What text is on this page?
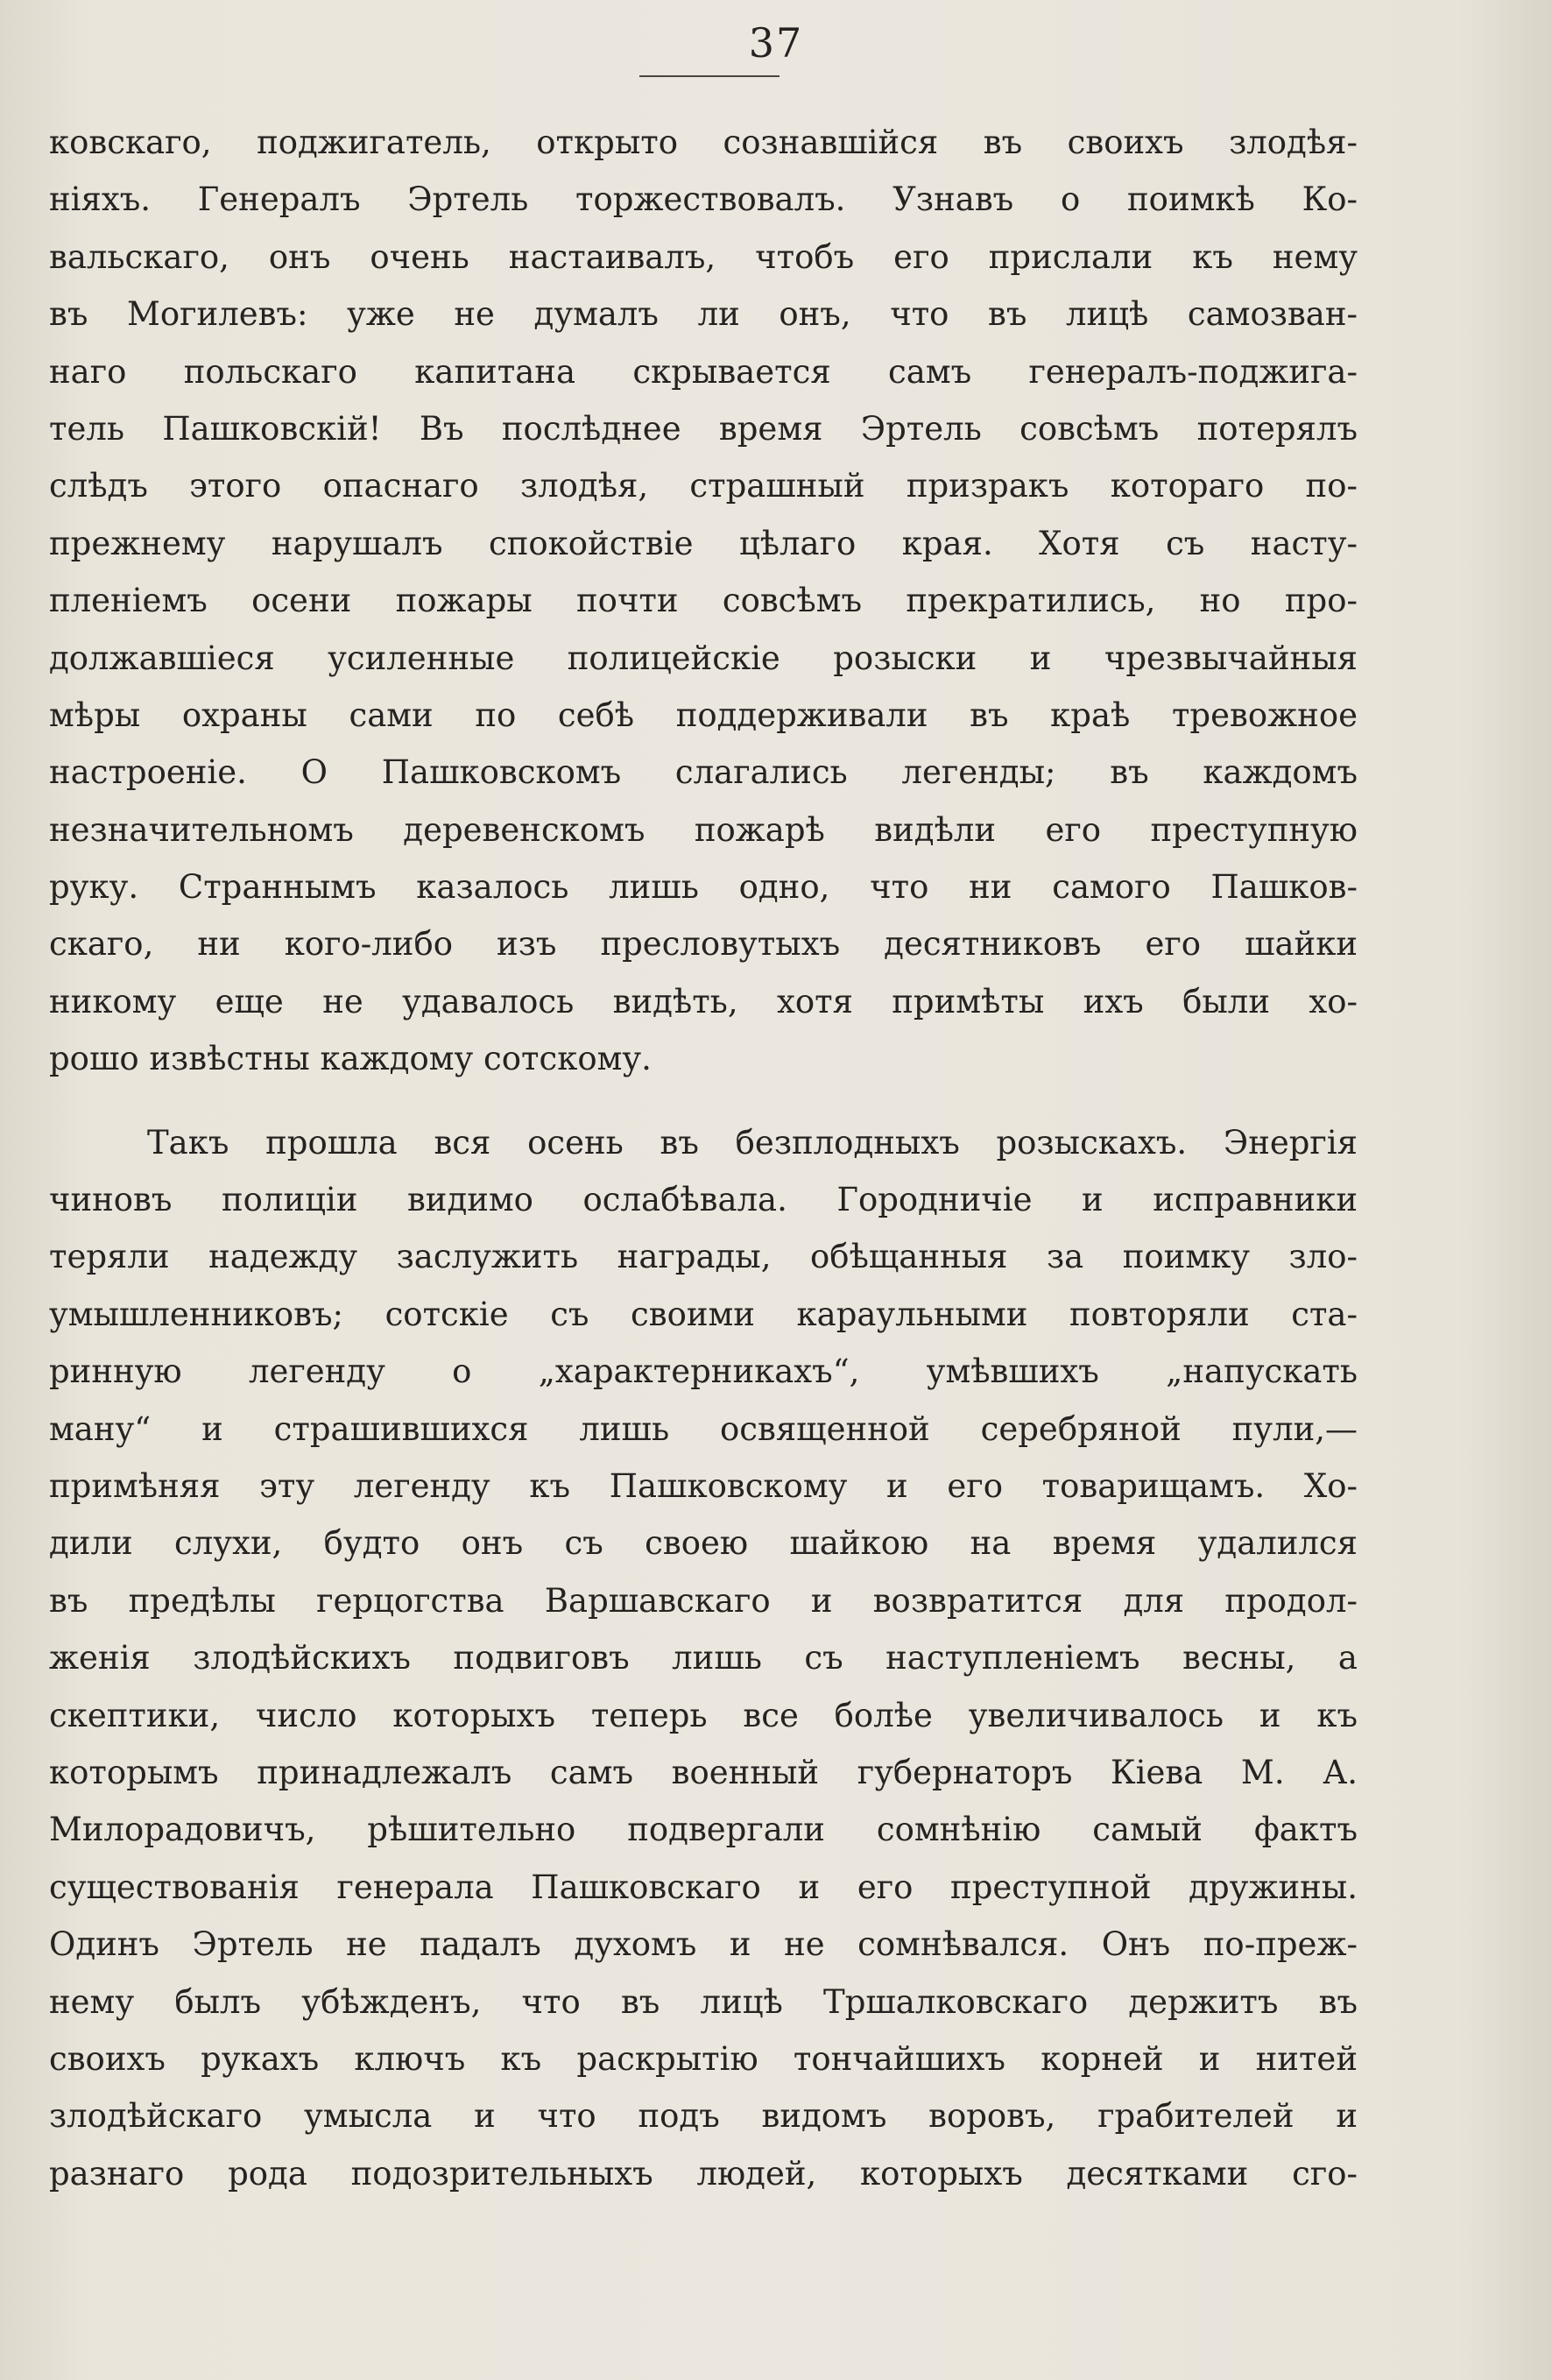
37
ковскаго, поджигатель, открыто сознавшійся въ своихъ злодѣя-
ніяхъ. Генералъ Эртель торжествовалъ. Узнавъ о поимкѣ Ко-
вальскаго, онъ очень настаивалъ, чтобъ его прислали къ нему
въ Могилевъ: уже не думалъ ли онъ, что въ лицѣ самозван-
наго польскаго капитана скрывается самъ генералъ-поджига-
тель Пашковскій! Въ послѣднее время Эртель совсѣмъ потерялъ
слѣдъ этого опаснаго злодѣя, страшный призракъ котораго по-
прежнему нарушалъ спокойствіе цѣлаго края. Хотя съ насту-
пленіемъ осени пожары почти совсѣмъ прекратились, но про-
должавшіеся усиленные полицейскіе розыски и чрезвычайныя
мѣры охраны сами по себѣ поддерживали въ краѣ тревожное
настроеніе. О Пашковскомъ слагались легенды; въ каждомъ
незначительномъ деревенскомъ пожарѣ видѣли его преступную
руку. Страннымъ казалось лишь одно, что ни самого Пашков-
скаго, ни кого-либо изъ пресловутыхъ десятниковъ его шайки
никому еще не удавалось видѣть, хотя примѣты ихъ были хо-
рошо извѣстны каждому сотскому.
Такъ прошла вся осень въ безплодныхъ розыскахъ. Энергія
чиновъ полиціи видимо ослабѣвала. Городничіе и исправники
теряли надежду заслужить награды, обѣщанныя за поимку зло-
умышленниковъ; сотскіе съ своими караульными повторяли ста-
ринную легенду о „характерникахъ“, умѣвшихъ „напускать
ману“ и страшившихся лишь освященной серебряной пули,—
примѣняя эту легенду къ Пашковскому и его товарищамъ. Хо-
дили слухи, будто онъ съ своею шайкою на время удалился
въ предѣлы герцогства Варшавскаго и возвратится для продол-
женія злодѣйскихъ подвиговъ лишь съ наступленіемъ весны, а
скептики, число которыхъ теперь все болѣе увеличивалось и къ
которымъ принадлежалъ самъ военный губернаторъ Кіева М. А.
Милорадовичъ, рѣшительно подвергали сомнѣнію самый фактъ
существованія генерала Пашковскаго и его преступной дружины.
Одинъ Эртель не падалъ духомъ и не сомнѣвался. Онъ по-преж-
нему былъ убѣжденъ, что въ лицѣ Тршалковскаго держитъ въ
своихъ рукахъ ключъ къ раскрытію тончайшихъ корней и нитей
злодѣйскаго умысла и что подъ видомъ воровъ, грабителей и
разнаго рода подозрительныхъ людей, которыхъ десятками сго-
